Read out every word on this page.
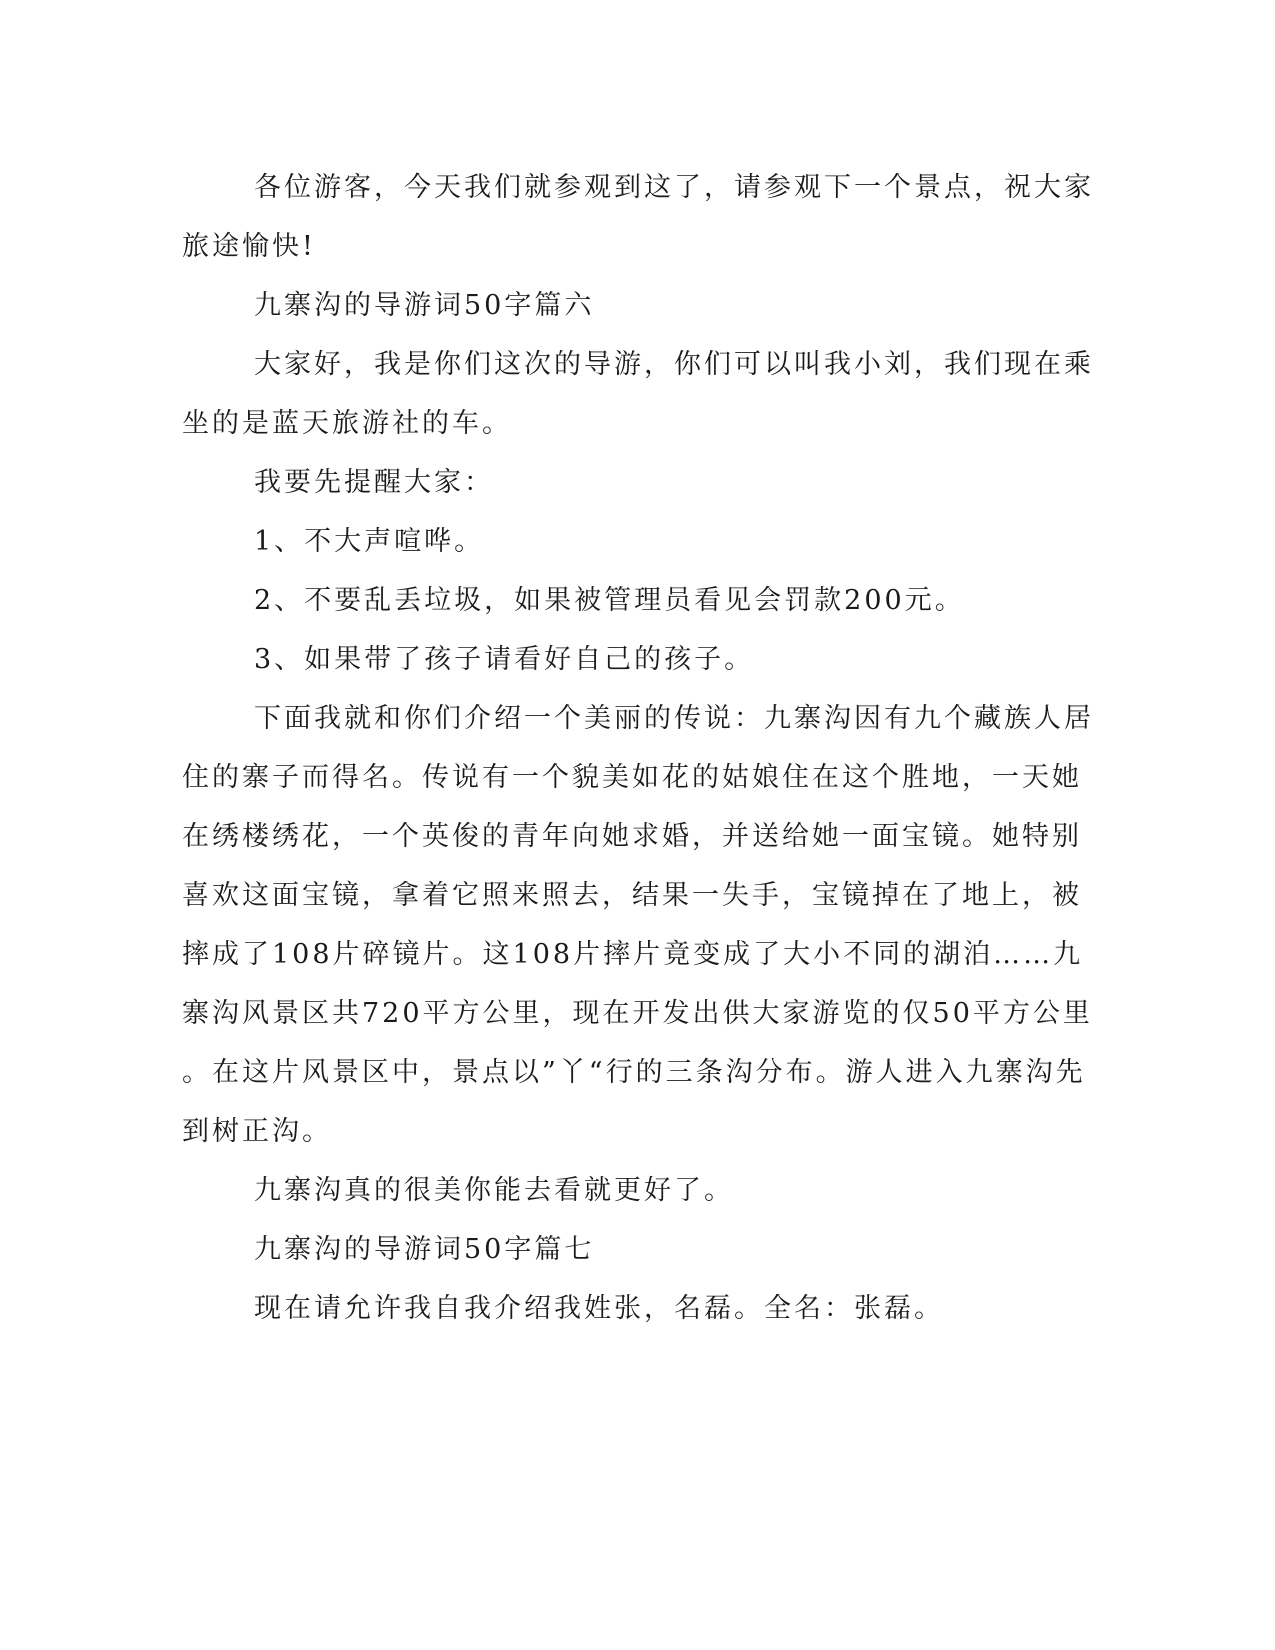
各位游客，今天我们就参观到这了，请参观下一个景点，祝大家
旅途愉快!
九寨沟的导游词50字篇六
大家好，我是你们这次的导游，你们可以叫我小刘，我们现在乘
坐的是蓝天旅游社的车。
我要先提醒大家：
1、不大声喧哗。
2、不要乱丢垃圾，如果被管理员看见会罚款200元。
3、如果带了孩子请看好自己的孩子。
下面我就和你们介绍一个美丽的传说：九寨沟因有九个藏族人居
住的寨子而得名。传说有一个貌美如花的姑娘住在这个胜地，一天她
在绣楼绣花，一个英俊的青年向她求婚，并送给她一面宝镜。她特别
喜欢这面宝镜，拿着它照来照去，结果一失手，宝镜掉在了地上，被
摔成了108片碎镜片。这108片摔片竟变成了大小不同的湖泊……九
寨沟风景区共720平方公里，现在开发出供大家游览的仅50平方公里
。在这片风景区中，景点以”丫“行的三条沟分布。游人进入九寨沟先
到树正沟。
九寨沟真的很美你能去看就更好了。
九寨沟的导游词50字篇七
现在请允许我自我介绍我姓张，名磊。全名：张磊。
